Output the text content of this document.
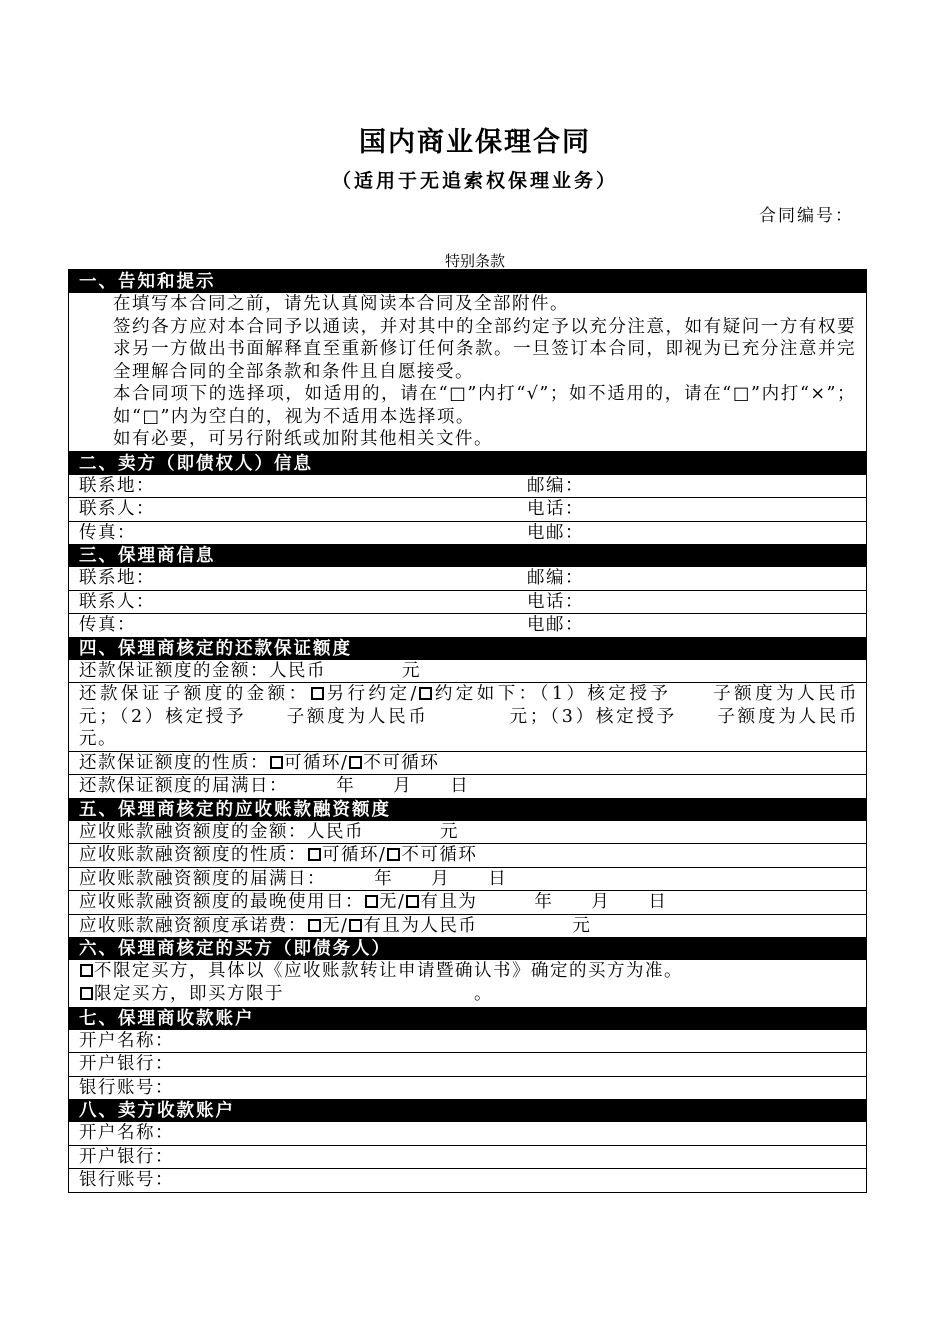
国内商业保理合同
（适用于无追索权保理业务）
合同编号：
特别条款
一、告知和提示
在填写本合同之前，请先认真阅读本合同及全部附件。
签约各方应对本合同予以通读，并对其中的全部约定予以充分注意，如有疑问一方有权要求另一方做出书面解释直至重新修订任何条款。一旦签订本合同，即视为已充分注意并完全理解合同的全部条款和条件且自愿接受。
本合同项下的选择项，如适用的，请在“□”内打“√”；如不适用的，请在“□”内打“×”；如“□”内为空白的，视为不适用本选择项。
如有必要，可另行附纸或加附其他相关文件。
二、卖方（即债权人）信息
联系地：	邮编：
联系人：	电话：
传真：	电邮：
三、保理商信息
联系地：	邮编：
联系人：	电话：
传真：	电邮：
四、保理商核定的还款保证额度
还款保证额度的金额：人民币　　　　元
还款保证子额度的金额： 另行约定/ 约定如下：（1）核定授予　　子额度为人民币　　　元；（2）核定授予　　子额度为人民币　　　　元；（3）核定授予　　子额度为人民币　　　元。
还款保证额度的性质： 可循环/ 不可循环
还款保证额度的届满日：　　　年　　月　　日
五、保理商核定的应收账款融资额度
应收账款融资额度的金额：人民币　　　　元
应收账款融资额度的性质： 可循环/ 不可循环
应收账款融资额度的届满日：　　　年　　月　　日
应收账款融资额度的最晚使用日： 无/ 有且为　　　年　　月　　日
应收账款融资额度承诺费： 无/ 有且为人民币　　　　　元
六、保理商核定的买方（即债务人）
不限定买方，具体以《应收账款转让申请暨确认书》确定的买方为准。
限定买方，即买方限于　　　　　　　　　　。
七、保理商收款账户
开户名称：
开户银行：
银行账号：
八、卖方收款账户
开户名称：
开户银行：
银行账号：
